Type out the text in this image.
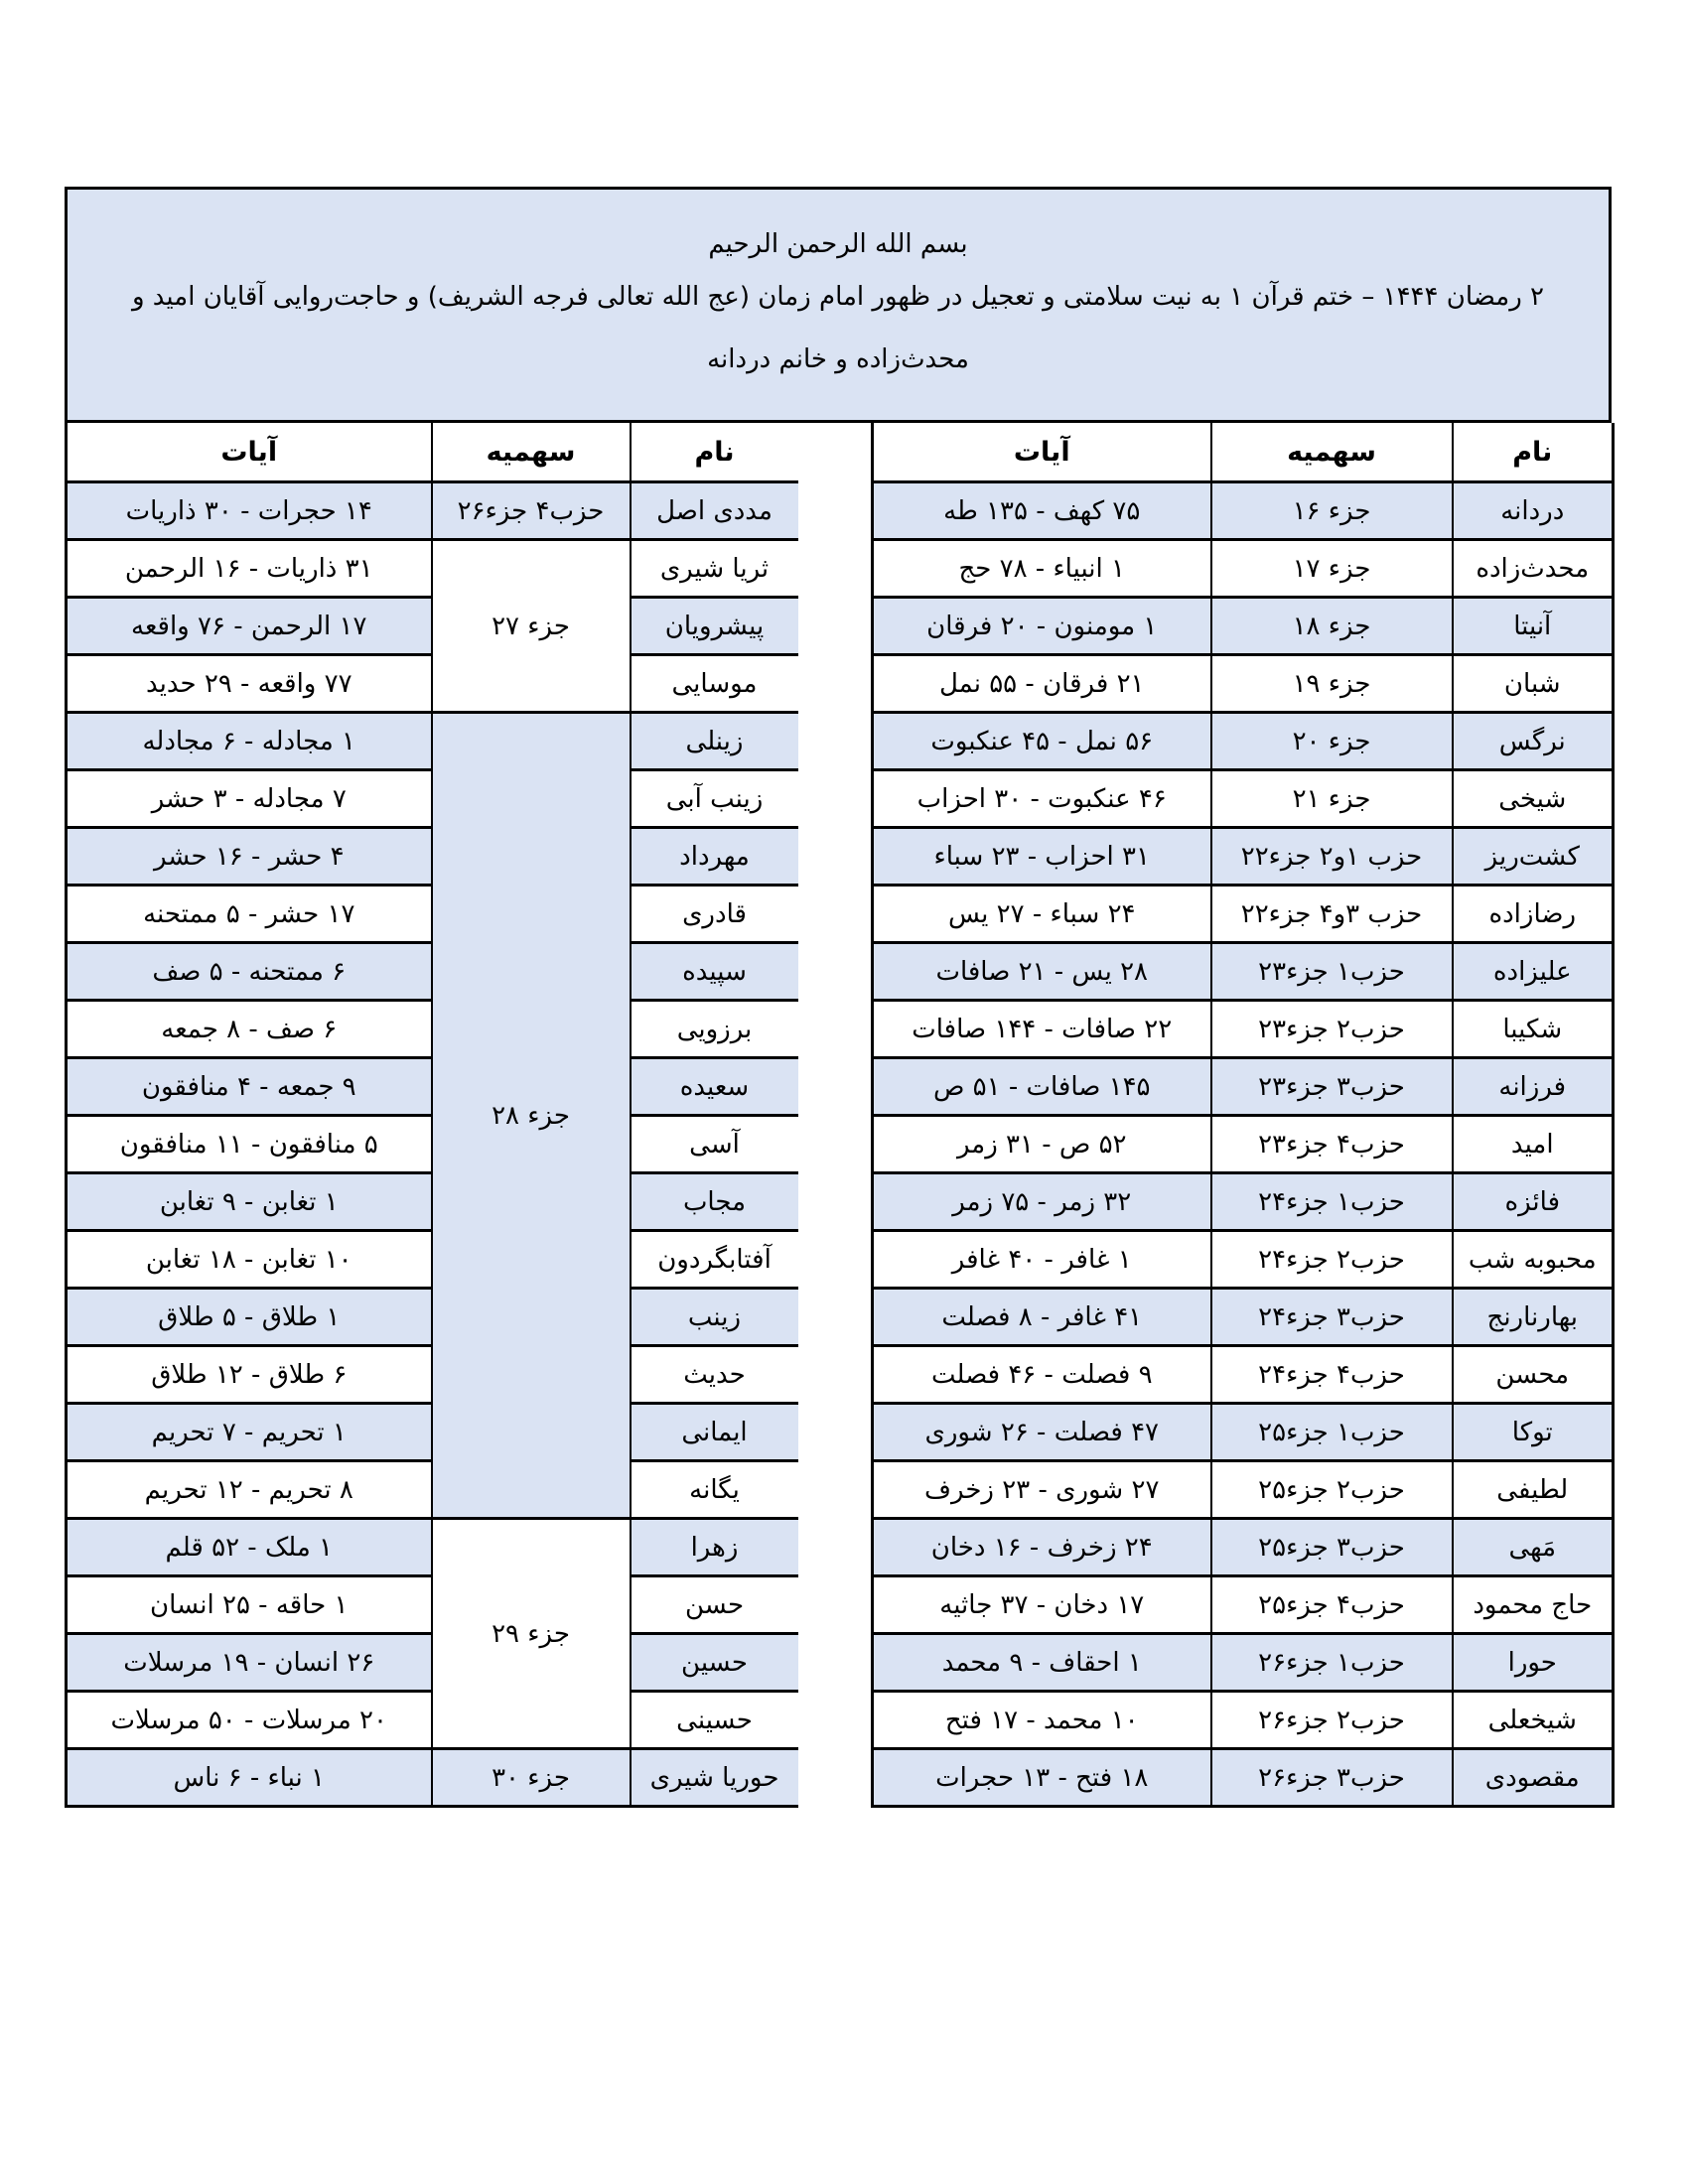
بسم الله الرحمن الرحیم
۲ رمضان ۱۴۴۴ – ختم قرآن ۱ به نیت سلامتی و تعجیل در ظهور امام زمان (عج الله تعالی فرجه الشریف) و حاجت‌روایی آقایان امید و
محدث‌زاده و خانم دردانه
نام	سهمیه	آیات
دردانه	جزء ۱۶	۷۵ کهف - ۱۳۵ طه
محدث‌زاده	جزء ۱۷	۱ انبیاء - ۷۸ حج
آنیتا	جزء ۱۸	۱ مومنون - ۲۰ فرقان
شبان	جزء ۱۹	۲۱ فرقان - ۵۵ نمل
نرگس	جزء ۲۰	۵۶ نمل - ۴۵ عنکبوت
شیخی	جزء ۲۱	۴۶ عنکبوت - ۳۰ احزاب
کشت‌ریز	حزب ۱و۲ جزء۲۲	۳۱ احزاب - ۲۳ سباء
رضازاده	حزب ۳و۴ جزء۲۲	۲۴ سباء - ۲۷ یس
علیزاده	حزب۱ جزء۲۳	۲۸ یس - ۲۱ صافات
شکیبا	حزب۲ جزء۲۳	۲۲ صافات - ۱۴۴ صافات
فرزانه	حزب۳ جزء۲۳	۱۴۵ صافات - ۵۱ ص
امید	حزب۴ جزء۲۳	۵۲ ص - ۳۱ زمر
فائزه	حزب۱ جزء۲۴	۳۲ زمر - ۷۵ زمر
محبوبه شب	حزب۲ جزء۲۴	۱ غافر - ۴۰ غافر
بهارنارنج	حزب۳ جزء۲۴	۴۱ غافر - ۸ فصلت
محسن	حزب۴ جزء۲۴	۹ فصلت - ۴۶ فصلت
توکا	حزب۱ جزء۲۵	۴۷ فصلت - ۲۶ شوری
لطیفی	حزب۲ جزء۲۵	۲۷ شوری - ۲۳ زخرف
مَهی	حزب۳ جزء۲۵	۲۴ زخرف - ۱۶ دخان
حاج محمود	حزب۴ جزء۲۵	۱۷ دخان - ۳۷ جاثیه
حورا	حزب۱ جزء۲۶	۱ احقاف - ۹ محمد
شیخعلی	حزب۲ جزء۲۶	۱۰ محمد - ۱۷ فتح
مقصودی	حزب۳ جزء۲۶	۱۸ فتح - ۱۳ حجرات
نام	سهمیه	آیات
مددی اصل	حزب۴ جزء۲۶	۱۴ حجرات - ۳۰ ذاریات
ثریا شیری	جزء ۲۷	۳۱ ذاریات - ۱۶ الرحمن
پیشرویان		۱۷ الرحمن - ۷۶ واقعه
موسایی		۷۷ واقعه - ۲۹ حدید
زینلی	جزء ۲۸	۱ مجادله - ۶ مجادله
زینب آبی		۷ مجادله - ۳ حشر
مهرداد		۴ حشر - ۱۶ حشر
قادری		۱۷ حشر - ۵ ممتحنه
سپیده		۶ ممتحنه - ۵ صف
برزویی		۶ صف - ۸ جمعه
سعیده		۹ جمعه - ۴ منافقون
آسی		۵ منافقون - ۱۱ منافقون
مجاب		۱ تغابن - ۹ تغابن
آفتابگردون		۱۰ تغابن - ۱۸ تغابن
زینب		۱ طلاق - ۵ طلاق
حدیث		۶ طلاق - ۱۲ طلاق
ایمانی		۱ تحریم - ۷ تحریم
یگانه		۸ تحریم - ۱۲ تحریم
زهرا	جزء ۲۹	۱ ملک - ۵۲ قلم
حسن		۱ حاقه - ۲۵ انسان
حسین		۲۶ انسان - ۱۹ مرسلات
حسینی		۲۰ مرسلات - ۵۰ مرسلات
حوریا شیری	جزء ۳۰	۱ نباء - ۶ ناس
